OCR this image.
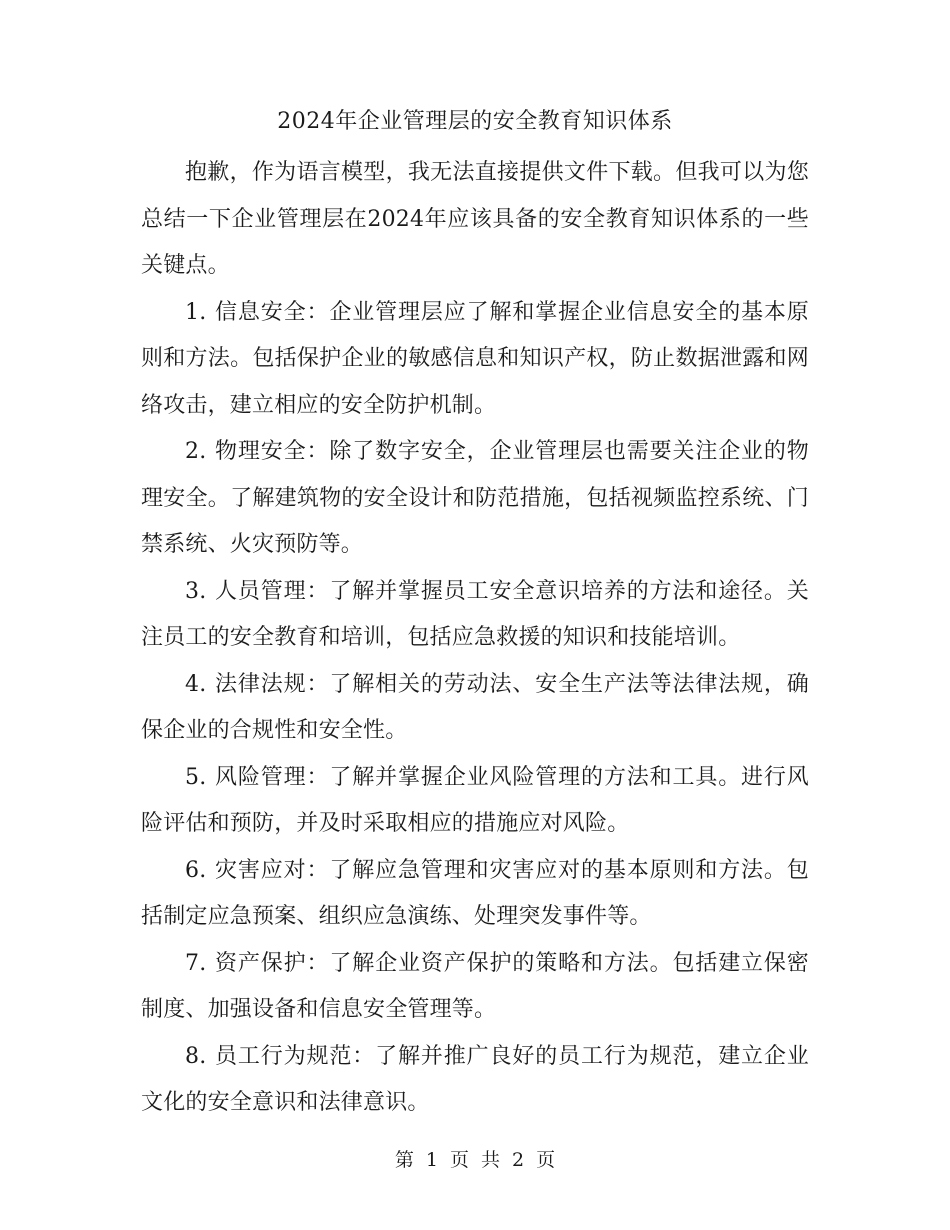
2024年企业管理层的安全教育知识体系

抱歉，作为语言模型，我无法直接提供文件下载。但我可以为您总结一下企业管理层在2024年应该具备的安全教育知识体系的一些关键点。

1. 信息安全：企业管理层应了解和掌握企业信息安全的基本原则和方法。包括保护企业的敏感信息和知识产权，防止数据泄露和网络攻击，建立相应的安全防护机制。

2. 物理安全：除了数字安全，企业管理层也需要关注企业的物理安全。了解建筑物的安全设计和防范措施，包括视频监控系统、门禁系统、火灾预防等。

3. 人员管理：了解并掌握员工安全意识培养的方法和途径。关注员工的安全教育和培训，包括应急救援的知识和技能培训。

4. 法律法规：了解相关的劳动法、安全生产法等法律法规，确保企业的合规性和安全性。

5. 风险管理：了解并掌握企业风险管理的方法和工具。进行风险评估和预防，并及时采取相应的措施应对风险。

6. 灾害应对：了解应急管理和灾害应对的基本原则和方法。包括制定应急预案、组织应急演练、处理突发事件等。

7. 资产保护：了解企业资产保护的策略和方法。包括建立保密制度、加强设备和信息安全管理等。

8. 员工行为规范：了解并推广良好的员工行为规范，建立企业文化的安全意识和法律意识。

第 1 页 共 2 页
